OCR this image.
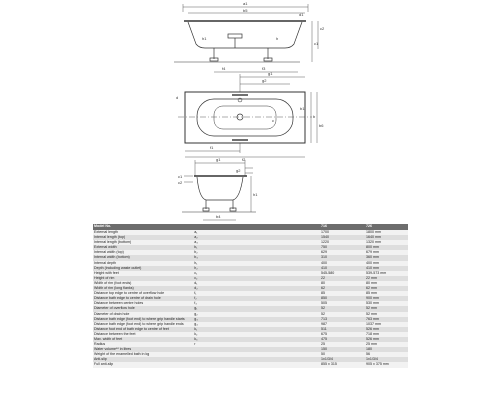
a1
b5
d1
f4	f3
c1
c2
h
h1
g1
g2
d
b
b6
f1
f2
c
b1
g1
g2
b4
c1
c2
h1
Model No.		716	726
External length	a₁	1700	1800 mm
Internal length (top)	a₂	1540	1640 mm
Internal length (bottom)	a₃	1220	1320 mm
External width	b₁	750	800 mm
Internal width (top)	b₂	629	679 mm
Internal width (bottom)	b₃	310	360 mm
Internal depth	h₁	400	400 mm
Depth (including waste outlet)	h₂	410	410 mm
Height with feet	c₁	545-580	539-573 mm
Height of rim	c₂	22	22 mm
Width of rim (foot ends)	d₁	80	80 mm
Width of rim (long flanks)	d₂	62	62 mm
Distance top edge to centre of overflow hole	f₁	85	85 mm
Distance bath edge to centre of drain hole	f₂	850	900 mm
Distance between centre holes	f₃	505	530 mm
Diameter of overflow hole	g₁	52	52 mm
Diameter of drain hole	g₂	52	52 mm
Distance bath edge (foot end) to where grip handle starts	g₃	713	763 mm
Distance bath edge (foot end) to where grip handle ends	g₄	987	1037 mm
Distance foot end of bath edge to centre of feet	k₁	511	526 mm
Distance between the feet	k₂	675	718 mm
Max. width of feet	k₃	475	526 mm
Radius	r	25	25 mm
Water volume** in litres		150	180
Weight of the enamelled bath in kg		50	56
Anti-slip		1x1/3/4	1x1/3/4
Full anti-slip		855 x 315	905 x 375 mm
